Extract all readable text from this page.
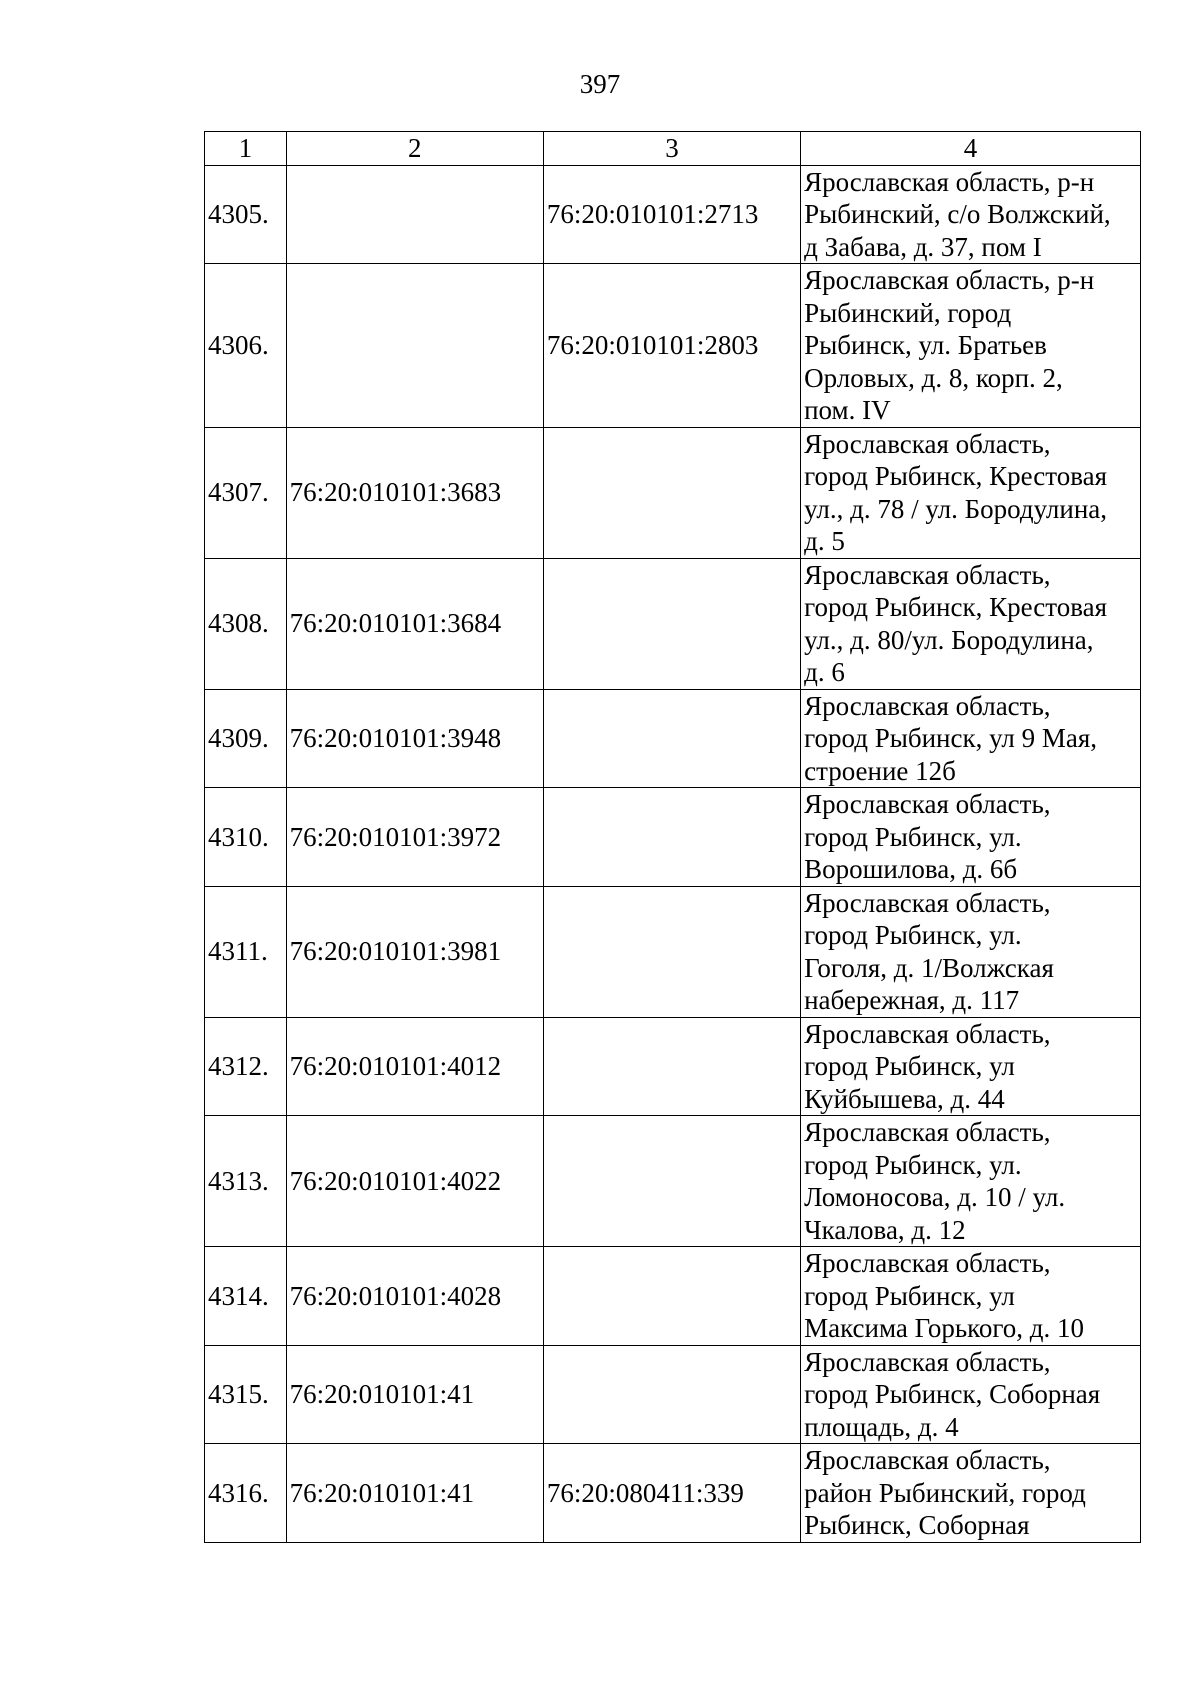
397
1	2	3	4
4305.		76:20:010101:2713	Ярославская область, р-н
Рыбинский, с/о Волжский,
д Забава, д. 37, пом I

4306.		76:20:010101:2803	Ярославская область, р-н
Рыбинский, город
Рыбинск, ул. Братьев
Орловых, д. 8, корп. 2,
пом. IV

4307.	76:20:010101:3683		Ярославская область,
город Рыбинск, Крестовая
ул., д. 78 / ул. Бородулина,
д. 5

4308.	76:20:010101:3684		Ярославская область,
город Рыбинск, Крестовая
ул., д. 80/ул. Бородулина,
д. 6

4309.	76:20:010101:3948		Ярославская область,
город Рыбинск, ул 9 Мая,
строение 12б

4310.	76:20:010101:3972		Ярославская область,
город Рыбинск, ул.
Ворошилова, д. 6б

4311.	76:20:010101:3981		Ярославская область,
город Рыбинск, ул.
Гоголя, д. 1/Волжская
набережная, д. 117

4312.	76:20:010101:4012		Ярославская область,
город Рыбинск, ул
Куйбышева, д. 44

4313.	76:20:010101:4022		Ярославская область,
город Рыбинск, ул.
Ломоносова, д. 10 / ул.
Чкалова, д. 12

4314.	76:20:010101:4028		Ярославская область,
город Рыбинск, ул
Максима Горького, д. 10

4315.	76:20:010101:41		Ярославская область,
город Рыбинск, Соборная
площадь, д. 4

4316.	76:20:010101:41	76:20:080411:339	Ярославская область,
район Рыбинский, город
Рыбинск, Соборная
